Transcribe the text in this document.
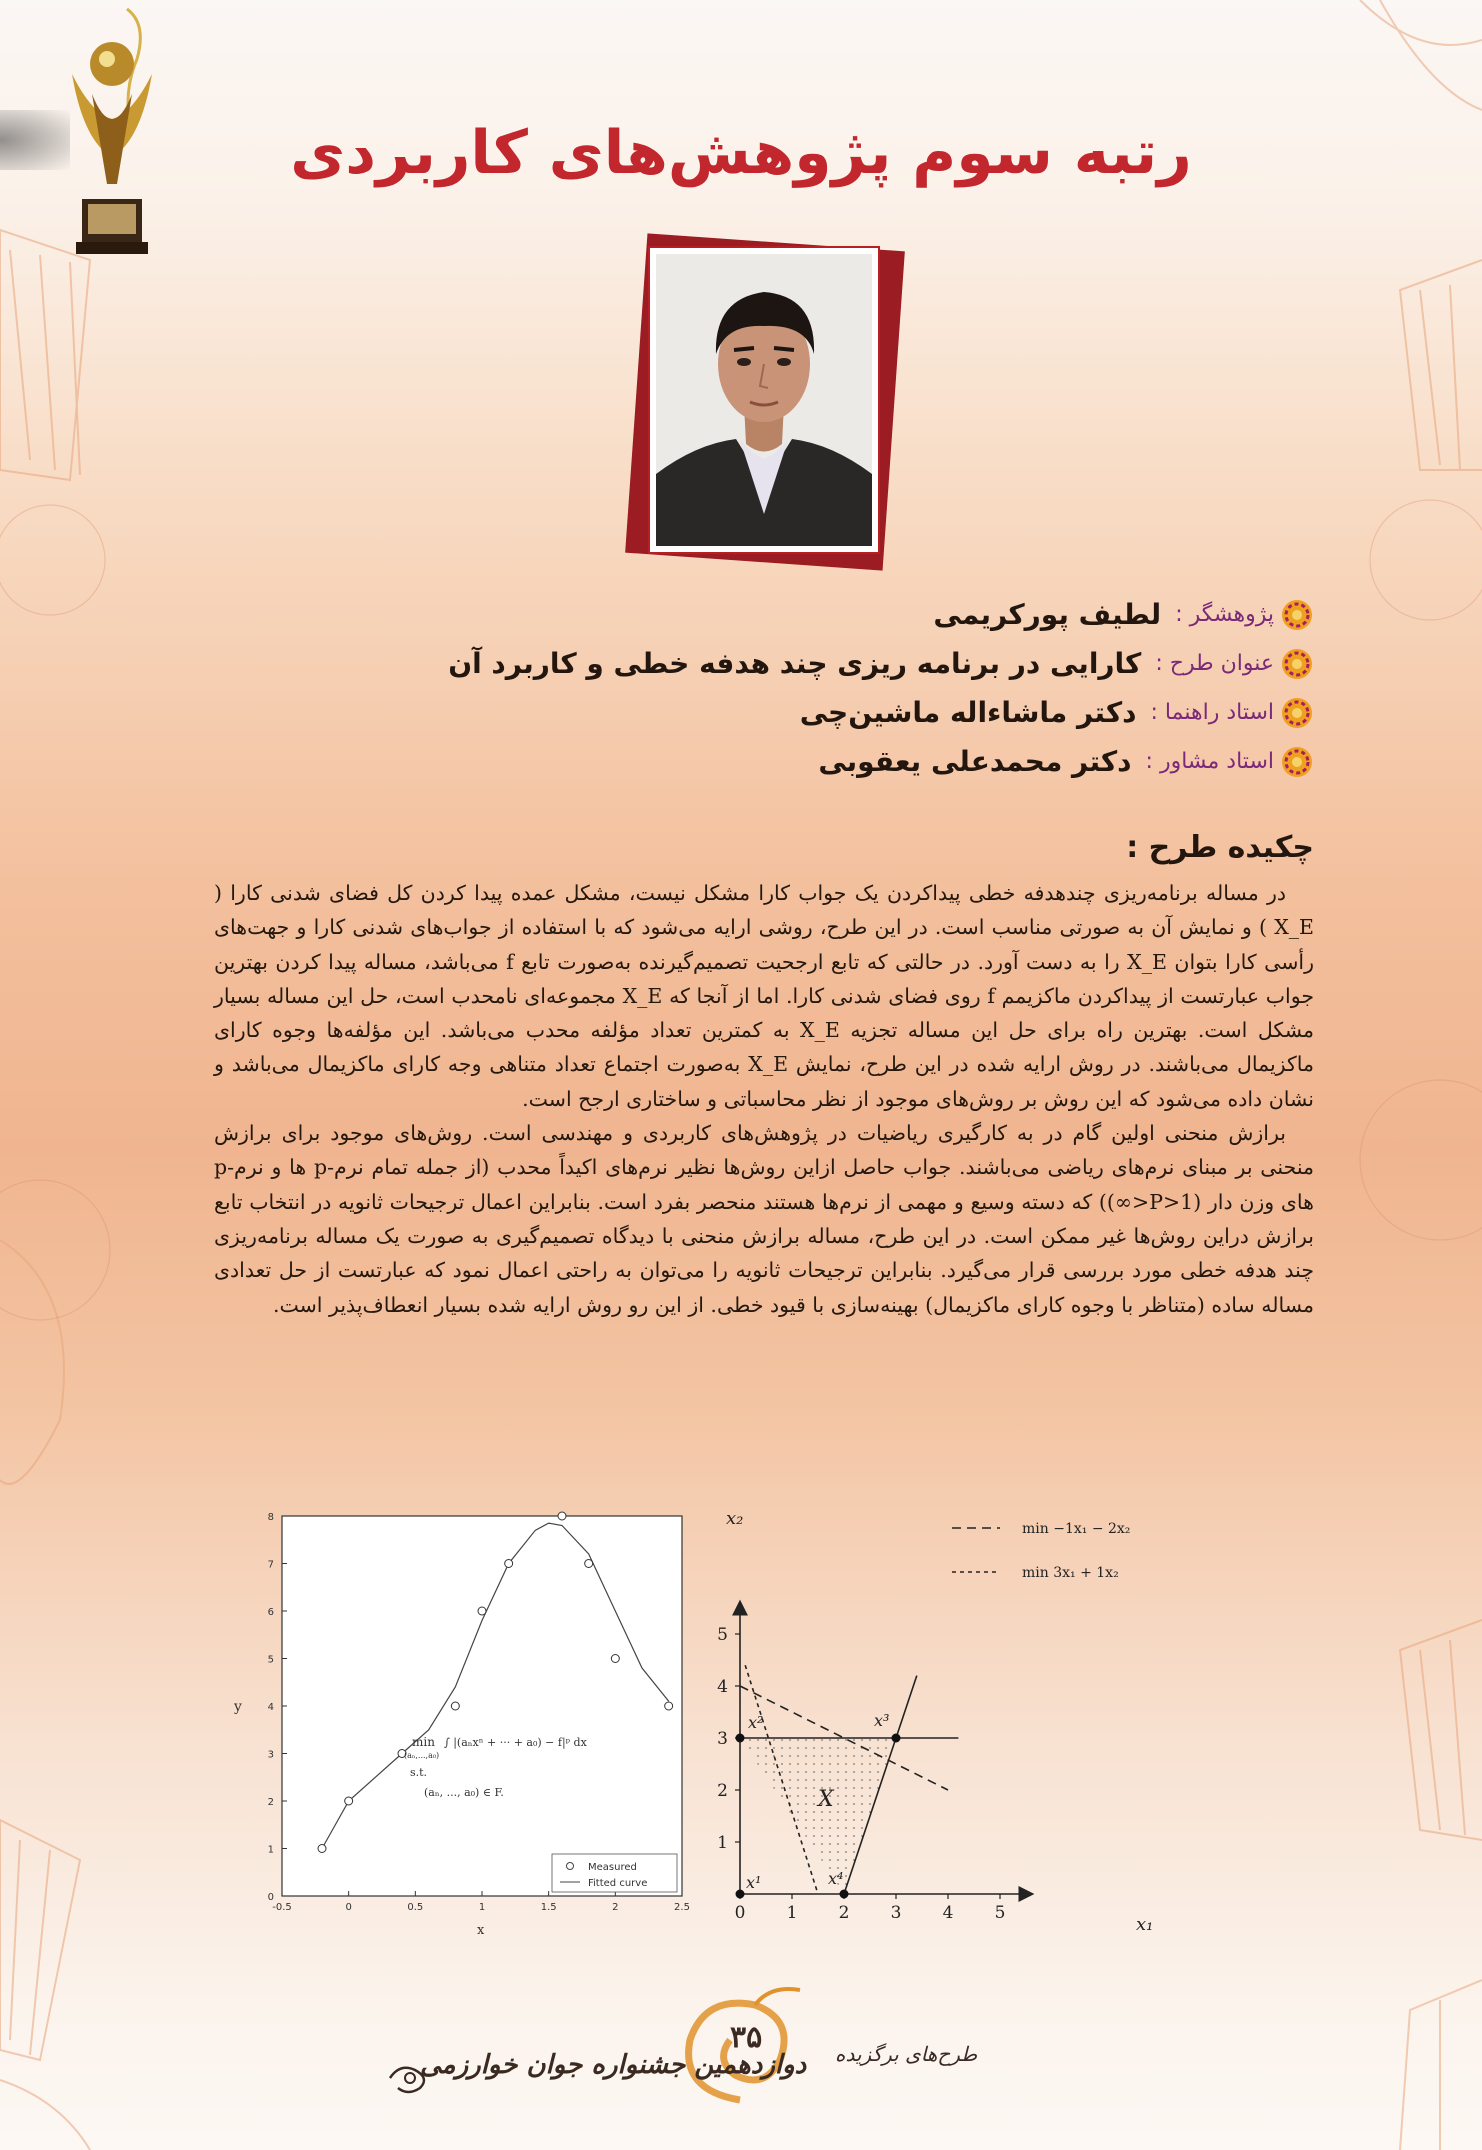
رتبه سوم پژوهش‌های کاربردی
پژوهشگر :
لطیف پورکریمی
عنوان طرح :
کارایی در برنامه ریزی چند هدفه خطی و کاربرد آن
استاد راهنما :
دکتر ماشاءاله ماشین‌چی
استاد مشاور :
دکتر محمدعلی یعقوبی
چکیده طرح :

در مساله برنامه‌ریزی چندهدفه خطی پیداکردن یک جواب کارا مشکل نیست، مشکل عمده پیدا کردن کل فضای شدنی کارا ( X_E ) و نمایش آن به صورتی مناسب است. در این طرح، روشی ارایه می‌شود که با استفاده از جواب‌های شدنی کارا و جهت‌های رأسی کارا بتوان X_E را به دست آورد. در حالتی که تابع ارجحیت تصمیم‌گیرنده به‌صورت تابع f می‌باشد، مساله پیدا کردن بهترین جواب عبارتست از پیداکردن ماکزیمم f روی فضای شدنی کارا. اما از آنجا که X_E مجموعه‌ای نامحدب است، حل این مساله بسیار مشکل است. بهترین راه برای حل این مساله تجزیه X_E به کمترین تعداد مؤلفه محدب می‌باشد. این مؤلفه‌ها وجوه کارای ماکزیمال می‌باشند. در روش ارایه شده در این طرح، نمایش X_E به‌صورت اجتماع تعداد متناهی وجه کارای ماکزیمال می‌باشد و نشان داده می‌شود که این روش بر روش‌های موجود از نظر محاسباتی و ساختاری ارجح است.

برازش منحنی اولین گام در به کارگیری ریاضیات در پژوهش‌های کاربردی و مهندسی است. روش‌های موجود برای برازش منحنی بر مبنای نرم‌های ریاضی می‌باشند. جواب حاصل ازاین روش‌ها نظیر نرم‌های اکیداً محدب (از جمله تمام نرم‌-p ها و نرم‌-p های وزن دار (1<P<∞)) که دسته وسیع و مهمی از نرم‌ها هستند منحصر بفرد است. بنابراین اعمال ترجیحات ثانویه در انتخاب تابع برازش دراین روش‌ها غیر ممکن است. در این طرح، مساله برازش منحنی با دیدگاه تصمیم‌گیری به صورت یک مساله برنامه‌ریزی چند هدفه خطی مورد بررسی قرار می‌گیرد. بنابراین ترجیحات ثانویه را می‌توان به راحتی اعمال نمود که عبارتست از حل تعدادی مساله ساده (متناظر با وجوه کارای ماکزیمال) بهینه‌سازی با قیود خطی. از این رو روش ارایه شده بسیار انعطاف‌پذیر است.

-0.5	0	0.5	1	1.5	2	2.5
0
1
2
3
4
5
6
7
8
y
x
min
(aₙ,...,a₀)
∫ |(aₙxⁿ + ··· + a₀) − f|ᵖ dx
s.t.
(aₙ, ..., a₀) ∈ F.
Measured
Fitted curve
0 1 2 3 4 5
1
2
3
4
5
x¹
x²	x³
x⁴
x₂
x₁
min −1x₁ − 2x₂
min 3x₁ + 1x₂
X
۳۵	طرح‌های برگزیده
دوازدهمین جشنواره جوان خوارزمی
